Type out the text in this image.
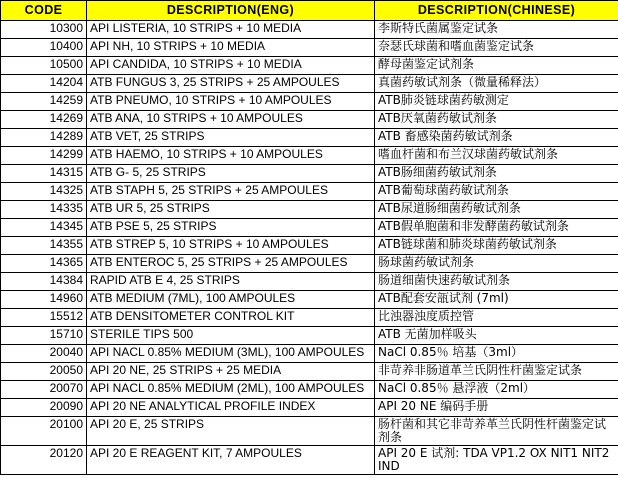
CODE	DESCRIPTION(ENG)	DESCRIPTION(CHINESE)
10300	API LISTERIA, 10 STRIPS + 10 MEDIA	李斯特氏菌属鉴定试条
10400	API NH, 10 STRIPS + 10 MEDIA	奈瑟氏球菌和嗜血菌鉴定试条
10500	API CANDIDA, 10 STRIPS + 10 MEDIA	酵母菌鉴定试剂条
14204	ATB FUNGUS 3, 25 STRIPS + 25 AMPOULES	真菌药敏试剂条（微量稀释法）
14259	ATB PNEUMO, 10 STRIPS + 10 AMPOULES	ATB肺炎链球菌药敏测定
14269	ATB ANA, 10 STRIPS + 10 AMPOULES	ATB厌氧菌药敏试剂条
14289	ATB VET, 25 STRIPS	ATB 畜感染菌药敏试剂条
14299	ATB HAEMO, 10 STRIPS + 10 AMPOULES	嗜血杆菌和布兰汉球菌药敏试剂条
14315	ATB G- 5, 25 STRIPS	ATB肠细菌药敏试剂条
14325	ATB STAPH 5, 25 STRIPS + 25 AMPOULES	ATB葡萄球菌药敏试剂条
14335	ATB UR 5, 25 STRIPS	ATB尿道肠细菌药敏试剂条
14345	ATB PSE 5, 25 STRIPS	ATB假单胞菌和非发酵菌药敏试剂条
14355	ATB STREP 5, 10 STRIPS + 10 AMPOULES	ATB链球菌和肺炎球菌药敏试剂条
14365	ATB ENTEROC 5, 25 STRIPS + 25 AMPOULES	肠球菌药敏试剂条
14384	RAPID ATB E 4, 25 STRIPS	肠道细菌快速药敏试剂条
14960	ATB MEDIUM (7ML), 100 AMPOULES	ATB配套安瓿试剂 (7ml)
15512	ATB DENSITOMETER CONTROL KIT	比浊器浊度质控管
15710	STERILE TIPS 500	ATB 无菌加样吸头
20040	API NACL 0.85% MEDIUM (3ML), 100 AMPOULES	NaCl 0.85％ 培基（3ml）
20050	API 20 NE, 25 STRIPS + 25 MEDIA	非苛养非肠道革兰氏阴性杆菌鉴定试条
20070	API NACL 0.85% MEDIUM (2ML), 100 AMPOULES	NaCl 0.85％ 悬浮液（2ml）
20090	API 20 NE ANALYTICAL PROFILE INDEX	API 20 NE 编码手册
20100	API 20 E, 25 STRIPS	肠杆菌和其它非苛养革兰氏阴性杆菌鉴定试剂条
20120	API 20 E REAGENT KIT, 7 AMPOULES	API 20 E 试剂: TDA VP1.2 OX NIT1 NIT2 IND
